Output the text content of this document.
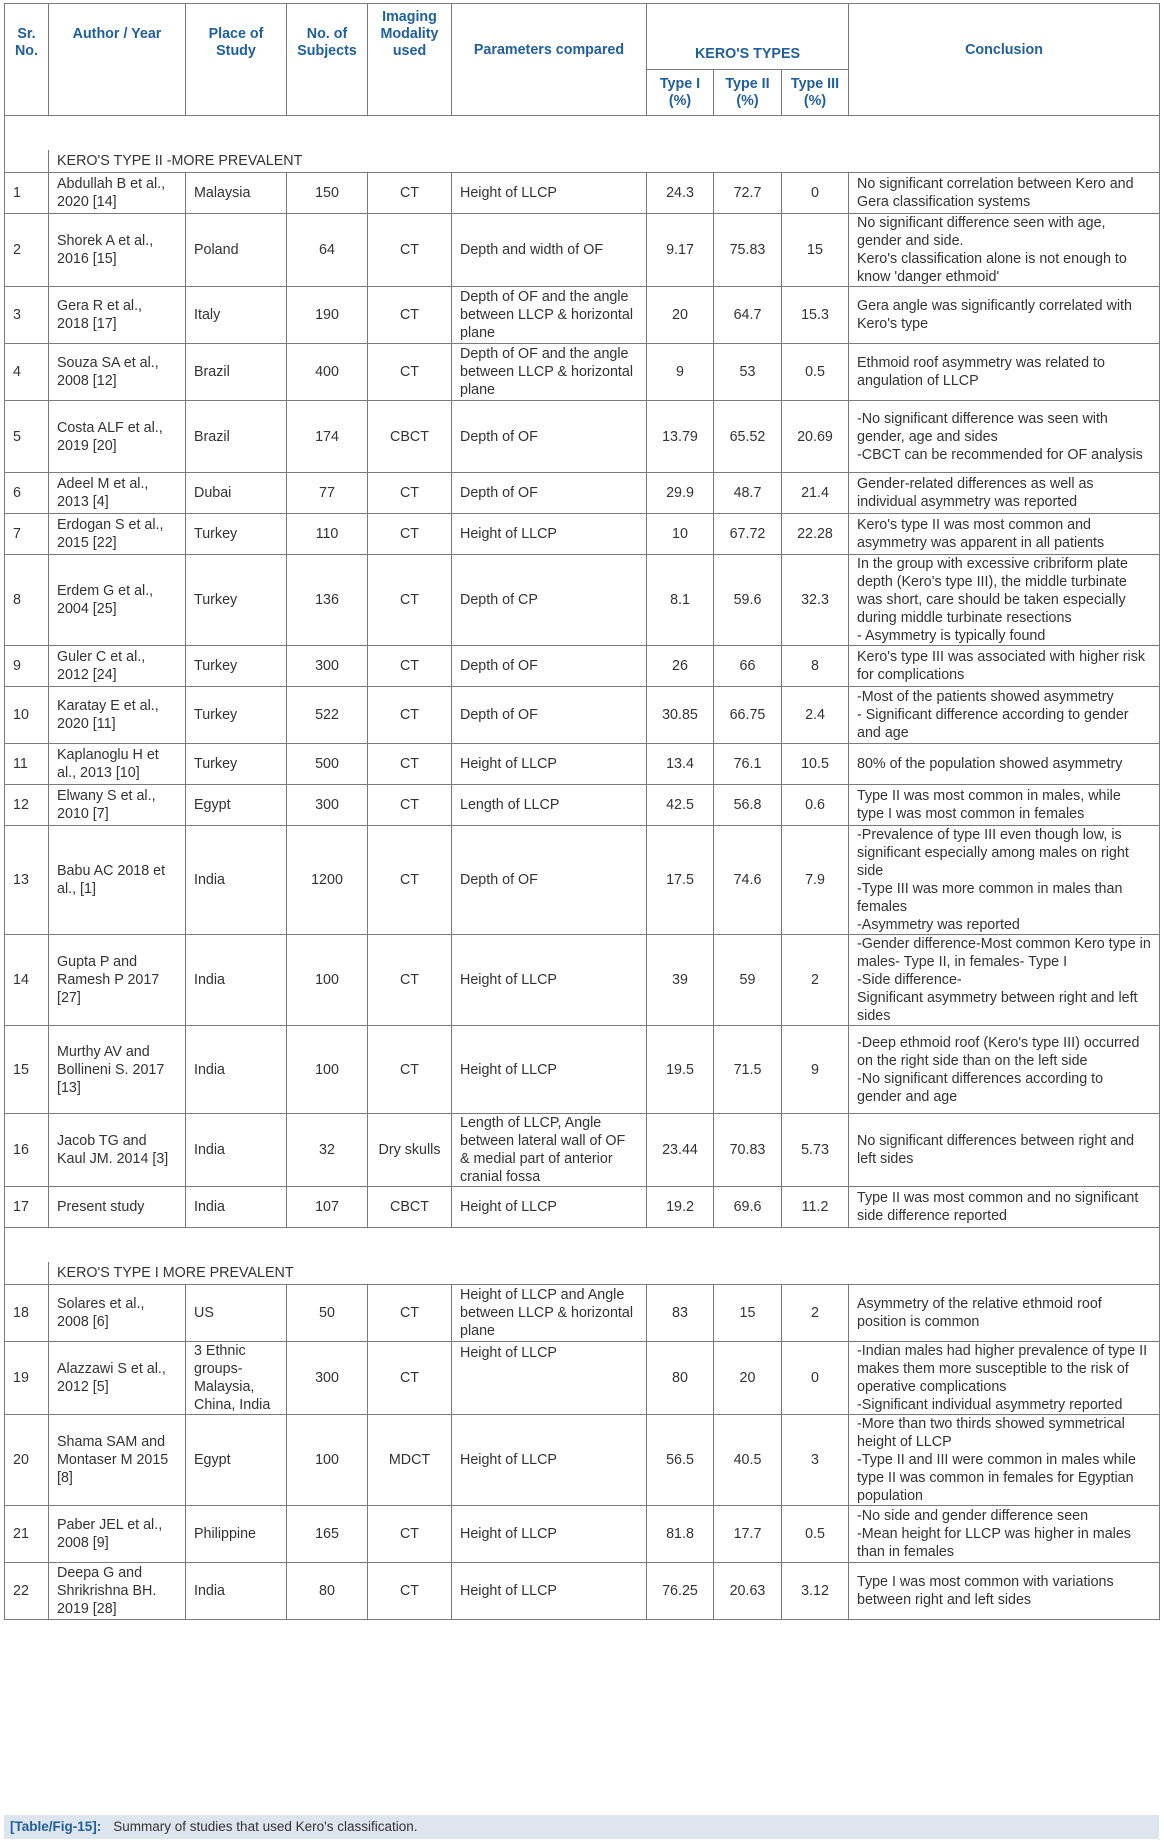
Sr. No.	Author / Year	Place of Study	No. of Subjects	Imaging Modality used	Parameters compared	KERO'S TYPES			Conclusion
						Type I (%)	Type II (%)	Type III (%)	

	KERO'S TYPE II -MORE PREVALENT								

1	Abdullah B et al., 2020 [14]	Malaysia	150	CT	Height of LLCP	24.3	72.7	0	No significant correlation between Kero and Gera classification systems

2	Shorek A et al., 2016 [15]	Poland	64	CT	Depth and width of OF	9.17	75.83	15	No significant difference seen with age, gender and side.
Kero's classification alone is not enough to know 'danger ethmoid'

3	Gera R et al., 2018 [17]	Italy	190	CT	Depth of OF and the angle between LLCP & horizontal plane	20	64.7	15.3	Gera angle was significantly correlated with Kero's type

4	Souza SA et al., 2008 [12]	Brazil	400	CT	Depth of OF and the angle between LLCP & horizontal plane	9	53	0.5	Ethmoid roof asymmetry was related to angulation of LLCP

5	Costa ALF et al., 2019 [20]	Brazil	174	CBCT	Depth of OF	13.79	65.52	20.69	-No significant difference was seen with gender, age and sides
-CBCT can be recommended for OF analysis

6	Adeel M et al., 2013 [4]	Dubai	77	CT	Depth of OF	29.9	48.7	21.4	Gender-related differences as well as individual asymmetry was reported

7	Erdogan S et al., 2015 [22]	Turkey	110	CT	Height of LLCP	10	67.72	22.28	Kero's type II was most common and asymmetry was apparent in all patients

8	Erdem G et al., 2004 [25]	Turkey	136	CT	Depth of CP	8.1	59.6	32.3	In the group with excessive cribriform plate depth (Kero's type III), the middle turbinate was short, care should be taken especially during middle turbinate resections
- Asymmetry is typically found

9	Guler C et al., 2012 [24]	Turkey	300	CT	Depth of OF	26	66	8	Kero's type III was associated with higher risk for complications

10	Karatay E et al., 2020 [11]	Turkey	522	CT	Depth of OF	30.85	66.75	2.4	-Most of the patients showed asymmetry
- Significant difference according to gender and age

11	Kaplanoglu H et al., 2013 [10]	Turkey	500	CT	Height of LLCP	13.4	76.1	10.5	80% of the population showed asymmetry

12	Elwany S et al., 2010 [7]	Egypt	300	CT	Length of LLCP	42.5	56.8	0.6	Type II was most common in males, while type I was most common in females

13	Babu AC 2018 et al., [1]	India	1200	CT	Depth of OF	17.5	74.6	7.9	-Prevalence of type III even though low, is significant especially among males on right side
-Type III was more common in males than females
-Asymmetry was reported

14	Gupta P and Ramesh P 2017 [27]	India	100	CT	Height of LLCP	39	59	2	-Gender difference-Most common Kero type in males- Type II, in females- Type I
-Side difference-
Significant asymmetry between right and left sides

15	Murthy AV and Bollineni S. 2017 [13]	India	100	CT	Height of LLCP	19.5	71.5	9	-Deep ethmoid roof (Kero's type III) occurred on the right side than on the left side
-No significant differences according to gender and age

16	Jacob TG and Kaul JM. 2014 [3]	India	32	Dry skulls	Length of LLCP, Angle between lateral wall of OF & medial part of anterior cranial fossa	23.44	70.83	5.73	No significant differences between right and left sides

17	Present study	India	107	CBCT	Height of LLCP	19.2	69.6	11.2	Type II was most common and no significant side difference reported

	KERO'S TYPE I MORE PREVALENT								

18	Solares et al., 2008 [6]	US	50	CT	Height of LLCP and Angle between LLCP & horizontal plane	83	15	2	Asymmetry of the relative ethmoid roof position is common

19	Alazzawi S et al., 2012 [5]	3 Ethnic groups- Malaysia, China, India	300	CT	Height of LLCP	80	20	0	-Indian males had higher prevalence of type II makes them more susceptible to the risk of operative complications
-Significant individual asymmetry reported

20	Shama SAM and Montaser M 2015 [8]	Egypt	100	MDCT	Height of LLCP	56.5	40.5	3	-More than two thirds showed symmetrical height of LLCP
-Type II and III were common in males while type II was common in females for Egyptian population

21	Paber JEL et al., 2008 [9]	Philippine	165	CT	Height of LLCP	81.8	17.7	0.5	-No side and gender difference seen
-Mean height for LLCP was higher in males than in females

22	Deepa G and Shrikrishna BH. 2019 [28]	India	80	CT	Height of LLCP	76.25	20.63	3.12	Type I was most common with variations between right and left sides
[Table/Fig-15]: Summary of studies that used Kero's classification.
